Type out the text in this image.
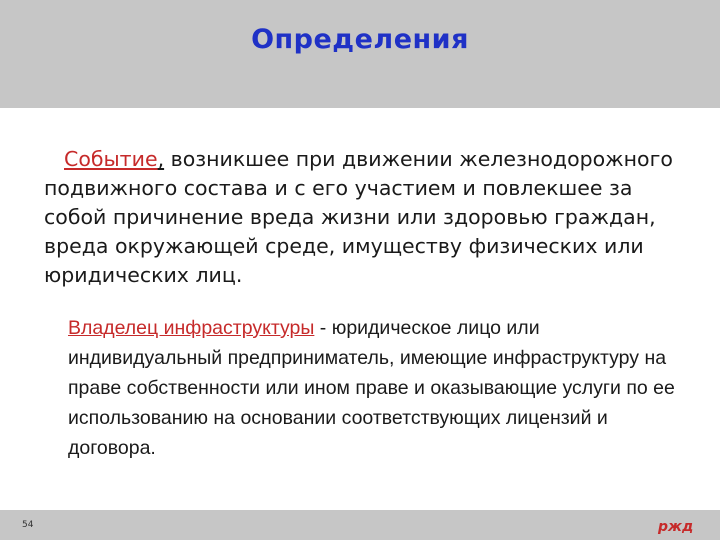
Определения
Событие, возникшее при движении железнодорожного подвижного состава и с его участием и повлекшее за собой причинение вреда жизни или здоровью граждан, вреда окружающей среде, имуществу физических или юридических лиц.
Владелец инфраструктуры - юридическое лицо или индивидуальный предприниматель, имеющие инфраструктуру на праве собственности или ином праве и оказывающие услуги по ее использованию на основании соответствующих лицензий и договора.
54	ржд
